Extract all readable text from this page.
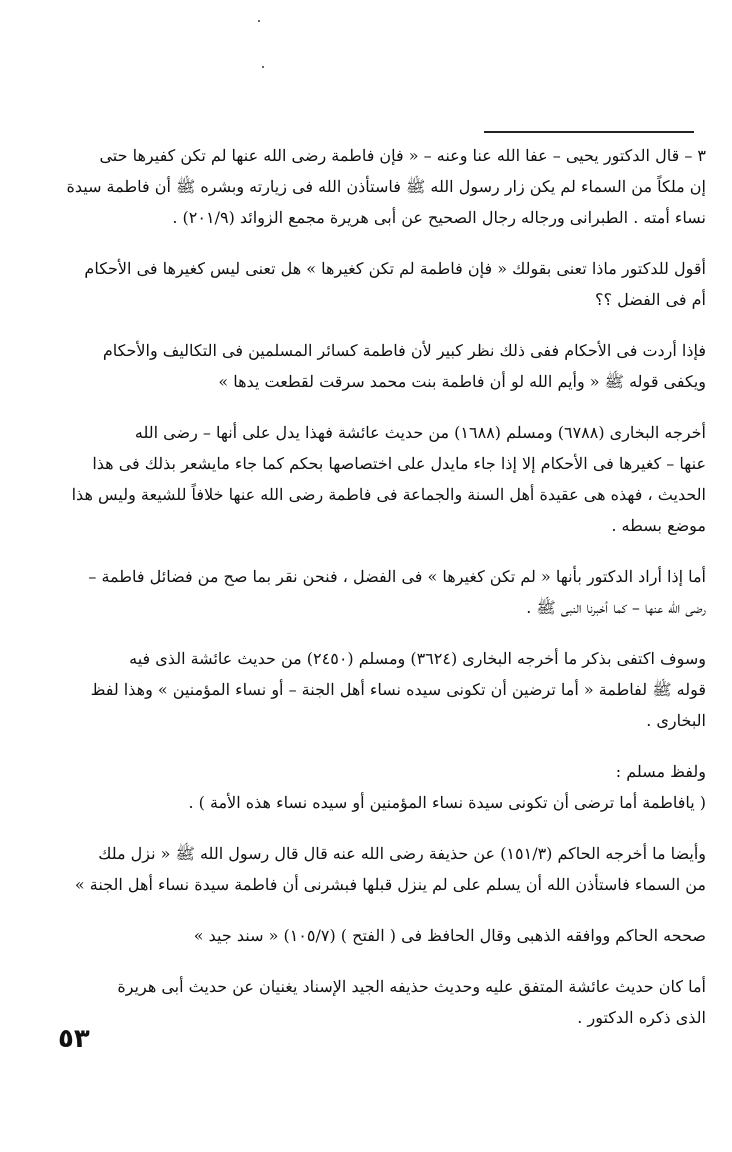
٣ – قال الدكتور يحيى – عفا الله عنا وعنه – « فإن فاطمة رضى الله عنها لم تكن كفيرها حتى
إن ملكاً من السماء لم يكن زار رسول الله ﷺ فاستأذن الله فى زيارته وبشره ﷺ أن فاطمة سيدة
نساء أمته . الطبرانى ورجاله رجال الصحيح عن أبى هريرة مجمع الزوائد (٢٠١/٩) .

أقول للدكتور ماذا تعنى بقولك « فإن فاطمة لم تكن كغيرها » هل تعنى ليس كغيرها فى الأحكام
أم فى الفضل ؟؟

فإذا أردت فى الأحكام ففى ذلك نظر كبير لأن فاطمة كسائر المسلمين فى التكاليف والأحكام
ويكفى قوله ﷺ « وأيم الله لو أن فاطمة بنت محمد سرقت لقطعت يدها »

أخرجه البخارى (٦٧٨٨) ومسلم (١٦٨٨) من حديث عائشة فهذا يدل على أنها – رضى الله
عنها – كغيرها فى الأحكام إلا إذا جاء مايدل على اختصاصها بحكم كما جاء مايشعر بذلك فى هذا
الحديث ، فهذه هى عقيدة أهل السنة والجماعة فى فاطمة رضى الله عنها خلافاً للشيعة وليس هذا
موضع بسطه .

أما إذا أراد الدكتور بأنها « لم تكن كغيرها » فى الفضل ، فنحن نقر بما صح من فضائل فاطمة –
رضى الله عنها – كما أخبرنا النبى ﷺ .

وسوف اكتفى بذكر ما أخرجه البخارى (٣٦٢٤) ومسلم (٢٤٥٠) من حديث عائشة الذى فيه
قوله ﷺ لفاطمة « أما ترضين أن تكونى سيده نساء أهل الجنة – أو نساء المؤمنين » وهذا لفظ
البخارى .

ولفظ مسلم :
( يافاطمة أما ترضى أن تكونى سيدة نساء المؤمنين أو سيده نساء هذه الأمة ) .

وأيضا ما أخرجه الحاكم (١٥١/٣) عن حذيفة رضى الله عنه قال قال رسول الله ﷺ « نزل ملك
من السماء فاستأذن الله أن يسلم على لم ينزل قبلها فبشرنى أن فاطمة سيدة نساء أهل الجنة »

صححه الحاكم ووافقه الذهبى وقال الحافظ فى ( الفتح ) (١٠٥/٧) « سند جيد »

أما كان حديث عائشة المتفق عليه وحديث حذيفه الجيد الإسناد يغنيان عن حديث أبى هريرة
الذى ذكره الدكتور .

٥٣
